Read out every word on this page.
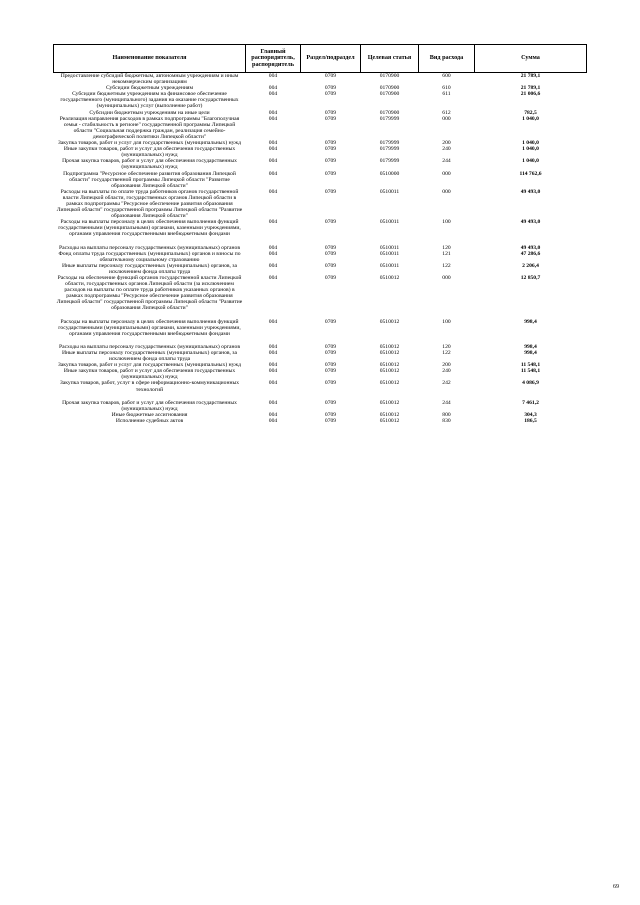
Наименование показателя	Главный распорядитель, распорядитель	Раздел/подраздел	Целевая статья	Вид расхода	Сумма
Предоставление субсидий бюджетным, автономным учреждениям и иным некоммерческим организациям	004	0709	0170900	600	21 789,1
Субсидии бюджетным учреждениям	004	0709	0170900	610	21 789,1
Субсидии бюджетным учреждениям на финансовое обеспечение государственного (муниципального) задания на оказание государственных (муниципальных) услуг (выполнение работ)	004	0709	0170900	611	21 006,6
Субсидии бюджетным учреждениям на иные цели	004	0709	0170900	612	782,5
Реализация направления расходов в рамках подпрограммы "Благополучная семья - стабильность в регионе" государственной программы Липецкой области "Социальная поддержка граждан, реализация семейно-демографической политики Липецкой области"	004	0709	0179999	000	1 040,0
Закупка товаров, работ и услуг для государственных (муниципальных) нужд	004	0709	0179999	200	1 040,0
Иные закупки товаров, работ и услуг для обеспечения государственных (муниципальных) нужд	004	0709	0179999	240	1 040,0
Прочая закупка товаров, работ и услуг для обеспечения государственных (муниципальных) нужд	004	0709	0179999	244	1 040,0
Подпрограмма "Ресурсное обеспечение развития образования Липецкой области" государственной программы Липецкой области "Развитие образования Липецкой области"	004	0709	0510000	000	114 762,6
Расходы на выплаты по оплате труда работников органов государственной власти Липецкой области, государственных органов Липецкой области в рамках подпрограммы "Ресурсное обеспечение развития образования Липецкой области" государственной программы Липецкой области "Развитие образования Липецкой области"	004	0709	0510011	000	49 493,0
Расходы на выплаты персоналу в целях обеспечения выполнения функций государственными (муниципальными) органами, казенными учреждениями, органами управления государственными внебюджетными фондами	004	0709	0510011	100	49 493,0
Расходы на выплаты персоналу государственных (муниципальных) органов	004	0709	0510011	120	49 493,0
Фонд оплаты труда государственных (муниципальных) органов и взносы по обязательному социальному страхованию	004	0709	0510011	121	47 286,6
Иные выплаты персоналу государственных (муниципальных) органов, за исключением фонда оплаты труда	004	0709	0510011	122	2 206,4
Расходы на обеспечение функций органов государственной власти Липецкой области, государственных органов Липецкой области (за исключением расходов на выплаты по оплате труда работников указанных органов) в рамках подпрограммы "Ресурсное обеспечение развития образования Липецкой области" государственной программы Липецкой области "Развитие образования Липецкой области"	004	0709	0510012	000	12 850,7
Расходы на выплаты персоналу в целях обеспечения выполнения функций государственными (муниципальными) органами, казенными учреждениями, органами управления государственными внебюджетными фондами	004	0709	0510012	100	998,4
Расходы на выплаты персоналу государственных (муниципальных) органов	004	0709	0510012	120	998,4
Иные выплаты персоналу государственных (муниципальных) органов, за исключением фонда оплаты труда	004	0709	0510012	122	998,4
Закупка товаров, работ и услуг для государственных (муниципальных) нужд	004	0709	0510012	200	11 548,1
Иные закупки товаров, работ и услуг для обеспечения государственных (муниципальных) нужд	004	0709	0510012	240	11 548,1
Закупка товаров, работ, услуг в сфере информационно-коммуникационных технологий	004	0709	0510012	242	4 086,9
Прочая закупка товаров, работ и услуг для обеспечения государственных (муниципальных) нужд	004	0709	0510012	244	7 461,2
Иные бюджетные ассигнования	004	0709	0510012	800	304,3
Исполнение судебных актов	004	0709	0510012	830	186,5
69
